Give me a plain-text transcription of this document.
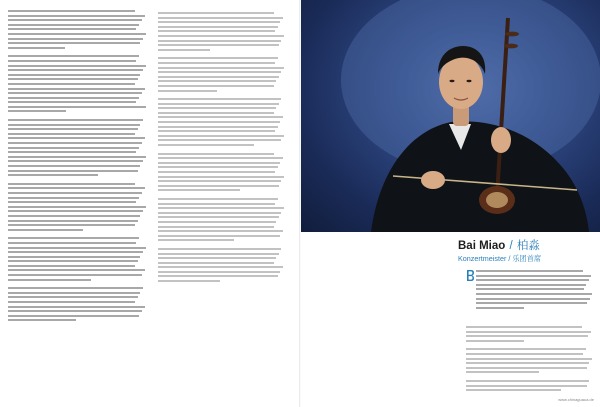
Bai Miao / 柏淼
Konzertmeister / 乐团首席
www.chinaguaua.de
